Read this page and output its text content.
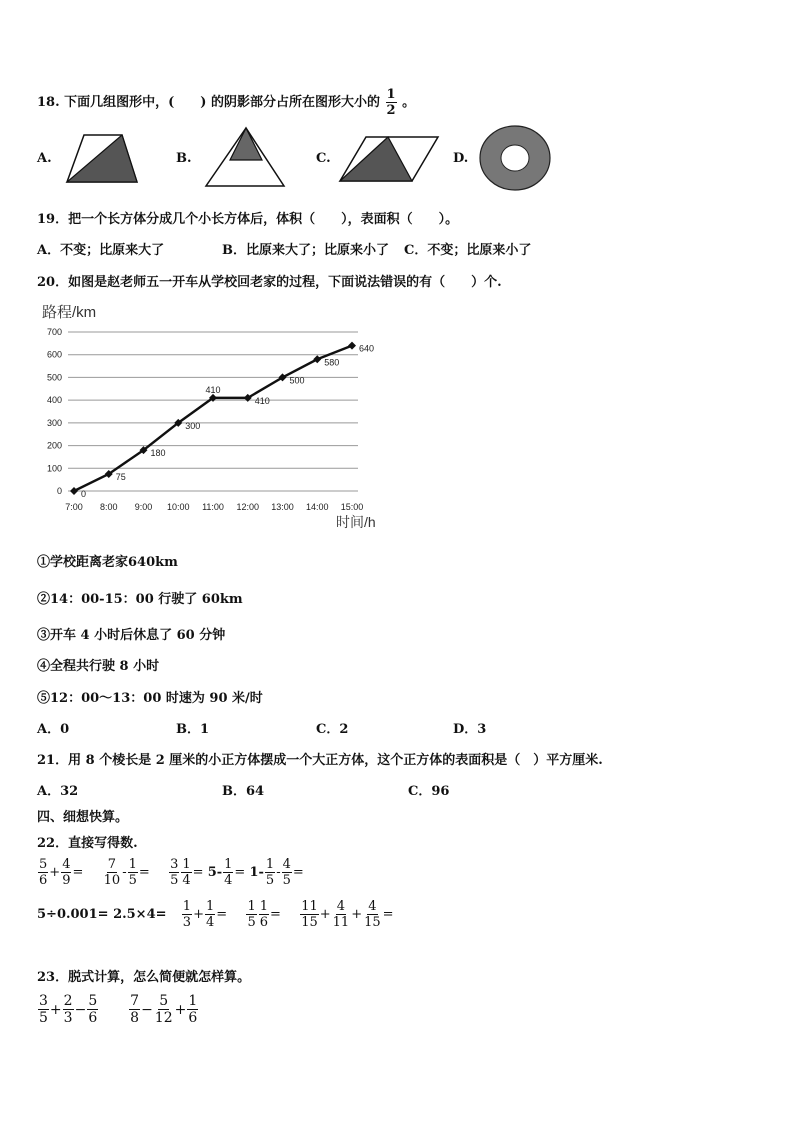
18. 下面几组图形中，(　　) 的阴影部分占所在图形大小的 $\frac{1}{2}$ 。
A.	B.	C.	D.
19．把一个长方体分成几个小长方体后，体积（　　），表面积（　　）。
A．不变；比原来大了	B．比原来大了；比原来小了 C．不变；比原来小了
20．如图是赵老师五一开车从学校回老家的过程，下面说法错误的有（　　）个.
路程/km
时间/h
0
100
200
300
400
500
600
700
7:00 8:00 9:00 10:00 11:00 12:00 13:00 14:00 15:00
0
75
180
300
410
410
500
580
640
①学校距离老家640km
②14：00-15：00 行驶了 60km
③开车 4 小时后休息了 60 分钟
④全程共行驶 8 小时
⑤12：00～13：00 时速为 90 米/时
A．0	B．1	C．2	D．3
21．用 8 个棱长是 2 厘米的小正方体摆成一个大正方体，这个正方体的表面积是（　）平方厘米.
A．32	B．64	C．96
四、细想快算。
22．直接写得数.
$\frac{5}{6} + \frac{4}{9} = \frac{7}{10} - \frac{1}{5} = \frac{3}{5} \frac{1}{4} = 5- \frac{1}{4} = 1- \frac{1}{5} - \frac{4}{5}$ =
$5\div 0.001= 2.5\times 4= \frac{1}{3} + \frac{1}{4} = \frac{1}{5} \frac{1}{6} = \frac{11}{15} + \frac{4}{11} + \frac{4}{15}$ =
23．脱式计算，怎么简便就怎样算。
$\frac{3}{5} + \frac{2}{3} - \frac{5}{6}$
$\frac{7}{8} - \frac{5}{12} + \frac{1}{6}$
